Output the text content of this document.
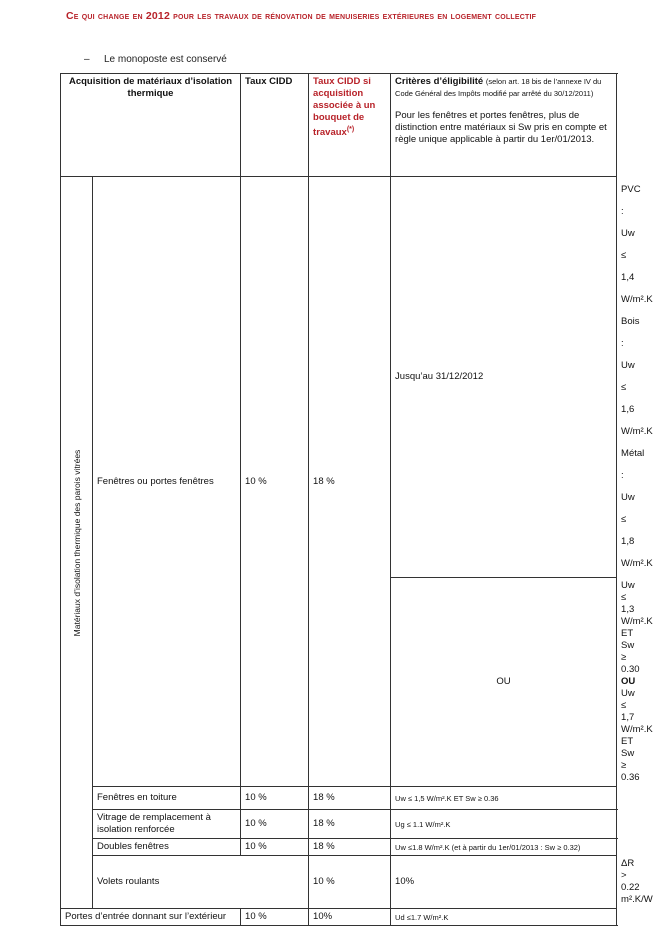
Ce qui change en 2012 pour les travaux de rénovation de menuiseries extérieures en logement collectif
– Le monoposte est conservé
Acquisition de matériaux d’isolation thermique		Taux CIDD	Taux CIDD si acquisition associée à un bouquet de travaux(*)	Critères d’éligibilité (selon art. 18 bis de l’annexe IV du Code Général des Impôts modifié par arrêté du 30/12/2011)
Pour les fenêtres et portes fenêtres, plus de distinction entre matériaux si Sw pris en compte et règle unique applicable à partir du 1er/01/2013.	

Matériaux d’isolation thermique des parois vitrées	Fenêtres ou portes fenêtres	10 %	18 %	Jusqu’au 31/12/2012	PVC : Uw ≤ 1,4 W/m².K
Bois : Uw ≤ 1,6 W/m².K
Métal : Uw ≤ 1,8 W/m².K

				OU	Uw ≤ 1,3 W/m².K ET
Sw ≥ 0.30
OU
Uw ≤ 1,7 W/m².K ET
Sw ≥ 0.36

	Fenêtres en toiture	10 %	18 %	Uw ≤ 1,5 W/m².K ET Sw ≥ 0.36	
	Vitrage de remplacement à isolation renforcée	10 %	18 %	Ug ≤ 1.1 W/m².K	
	Doubles fenêtres	10 %	18 %	Uw ≤1.8 W/m².K (et à partir du 1er/01/2013 : Sw ≥ 0.32)	
	Volets roulants		10 %	10%	ΔR > 0.22 m².K/W
Portes d’entrée donnant sur l’extérieur		10 %	10%	Ud ≤1.7 W/m².K	
